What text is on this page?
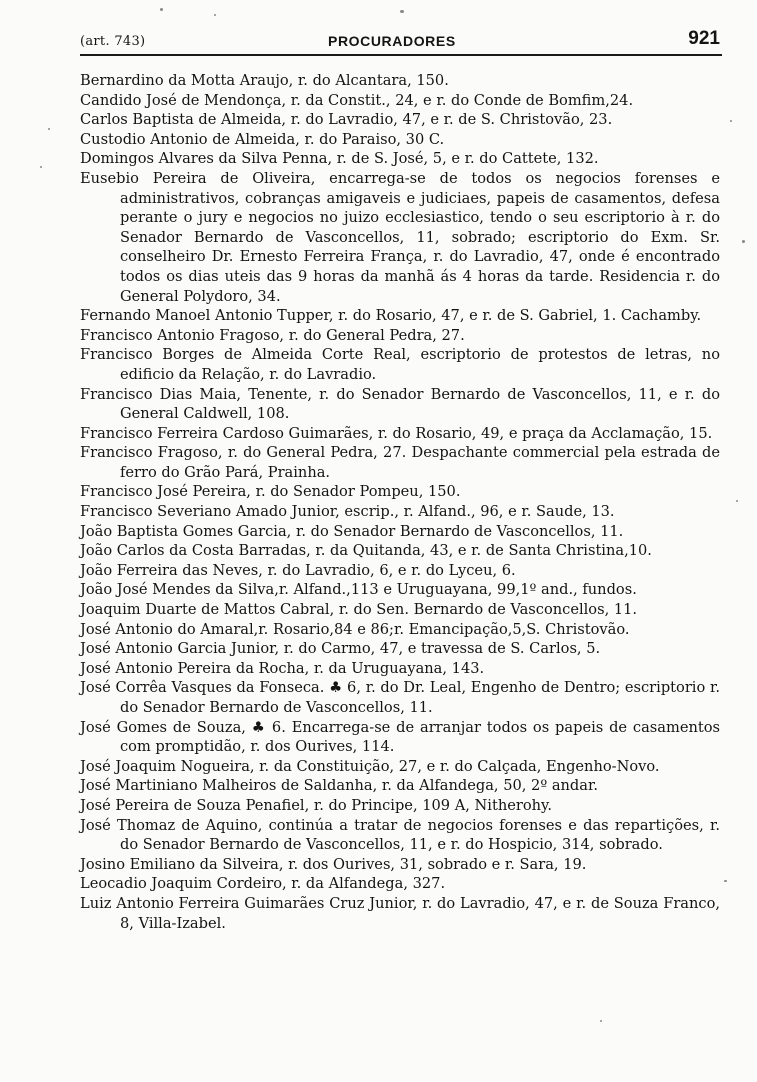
(art. 743)	PROCURADORES	921

Bernardino da Motta Araujo, r. do Alcantara, 150.

Candido José de Mendonça, r. da Constit., 24, e r. do Conde de Bomfim,24.

Carlos Baptista de Almeida, r. do Lavradio, 47, e r. de S. Christovão, 23.

Custodio Antonio de Almeida, r. do Paraiso, 30 C.

Domingos Alvares da Silva Penna, r. de S. José, 5, e r. do Cattete, 132.

Eusebio Pereira de Oliveira, encarrega-se de todos os negocios forenses e administrativos, cobranças amigaveis e judiciaes, papeis de casamentos, defesa perante o jury e negocios no juizo ecclesiastico, tendo o seu escriptorio à r. do Senador Bernardo de Vasconcellos, 11, sobrado; escriptorio do Exm. Sr. conselheiro Dr. Ernesto Ferreira França, r. do Lavradio, 47, onde é encontrado todos os dias uteis das 9 horas da manhã ás 4 horas da tarde. Residencia r. do General Polydoro, 34.

Fernando Manoel Antonio Tupper, r. do Rosario, 47, e r. de S. Gabriel, 1. Cachamby.

Francisco Antonio Fragoso, r. do General Pedra, 27.

Francisco Borges de Almeida Corte Real, escriptorio de protestos de letras, no edificio da Relação, r. do Lavradio.

Francisco Dias Maia, Tenente, r. do Senador Bernardo de Vasconcellos, 11, e r. do General Caldwell, 108.

Francisco Ferreira Cardoso Guimarães, r. do Rosario, 49, e praça da Acclamação, 15.

Francisco Fragoso, r. do General Pedra, 27. Despachante commercial pela estrada de ferro do Grão Pará, Prainha.

Francisco José Pereira, r. do Senador Pompeu, 150.

Francisco Severiano Amado Junior, escrip., r. Alfand., 96, e r. Saude, 13.

João Baptista Gomes Garcia, r. do Senador Bernardo de Vasconcellos, 11.

João Carlos da Costa Barradas, r. da Quitanda, 43, e r. de Santa Christina,10.

João Ferreira das Neves, r. do Lavradio, 6, e r. do Lyceu, 6.

João José Mendes da Silva,r. Alfand.,113 e Uruguayana, 99,1º and., fundos.

Joaquim Duarte de Mattos Cabral, r. do Sen. Bernardo de Vasconcellos, 11.

José Antonio do Amaral,r. Rosario,84 e 86;r. Emancipação,5,S. Christovão.

José Antonio Garcia Junior, r. do Carmo, 47, e travessa de S. Carlos, 5.

José Antonio Pereira da Rocha, r. da Uruguayana, 143.

José Corrêa Vasques da Fonseca. ♣ 6, r. do Dr. Leal, Engenho de Dentro; escriptorio r. do Senador Bernardo de Vasconcellos, 11.

José Gomes de Souza, ♣ 6. Encarrega-se de arranjar todos os papeis de casamentos com promptidão, r. dos Ourives, 114.

José Joaquim Nogueira, r. da Constituição, 27, e r. do Calçada, Engenho-Novo.

José Martiniano Malheiros de Saldanha, r. da Alfandega, 50, 2º andar.

José Pereira de Souza Penafiel, r. do Principe, 109 A, Nitherohy.

José Thomaz de Aquino, continúa a tratar de negocios forenses e das repartições, r. do Senador Bernardo de Vasconcellos, 11, e r. do Hospicio, 314, sobrado.

Josino Emiliano da Silveira, r. dos Ourives, 31, sobrado e r. Sara, 19.

Leocadio Joaquim Cordeiro, r. da Alfandega, 327.

Luiz Antonio Ferreira Guimarães Cruz Junior, r. do Lavradio, 47, e r. de Souza Franco, 8, Villa-Izabel.
